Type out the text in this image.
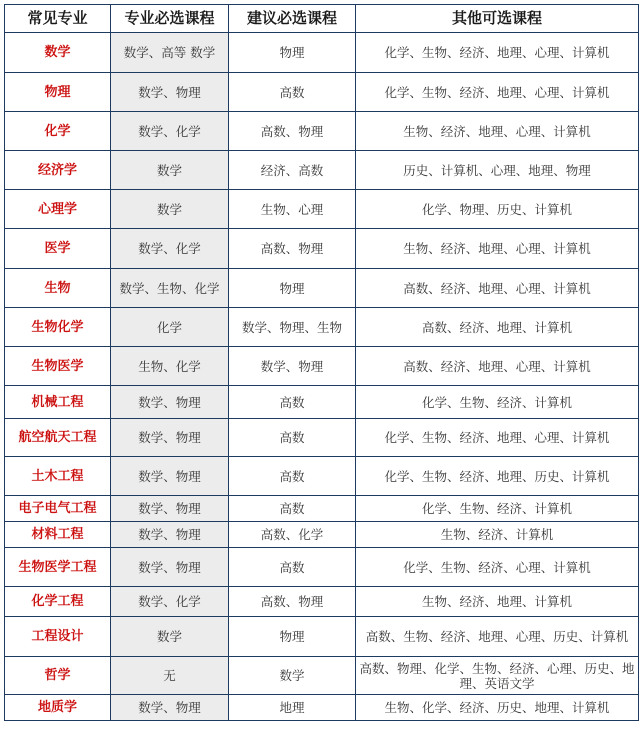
常见专业	专业必选课程	建议必选课程	其他可选课程
数学	数学、高等 数学	物理	化学、生物、经济、地理、心理、计算机
物理	数学、物理	高数	化学、生物、经济、地理、心理、计算机
化学	数学、化学	高数、物理	生物、经济、地理、心理、计算机
经济学	数学	经济、高数	历史、计算机、心理、地理、物理
心理学	数学	生物、心理	化学、物理、历史、计算机
医学	数学、化学	高数、物理	生物、经济、地理、心理、计算机
生物	数学、生物、化学	物理	高数、经济、地理、心理、计算机
生物化学	化学	数学、物理、生物	高数、经济、地理、计算机
生物医学	生物、化学	数学、物理	高数、经济、地理、心理、计算机
机械工程	数学、物理	高数	化学、生物、经济、计算机
航空航天工程	数学、物理	高数	化学、生物、经济、地理、心理、计算机
土木工程	数学、物理	高数	化学、生物、经济、地理、历史、计算机
电子电气工程	数学、物理	高数	化学、生物、经济、计算机
材料工程	数学、物理	高数、化学	生物、经济、计算机
生物医学工程	数学、物理	高数	化学、生物、经济、心理、计算机
化学工程	数学、化学	高数、物理	生物、经济、地理、计算机
工程设计	数学	物理	高数、生物、经济、地理、心理、历史、计算机
哲学	无	数学	高数、物理、化学、生物、经济、心理、历史、地理、英语文学
地质学	数学、物理	地理	生物、化学、经济、历史、地理、计算机
